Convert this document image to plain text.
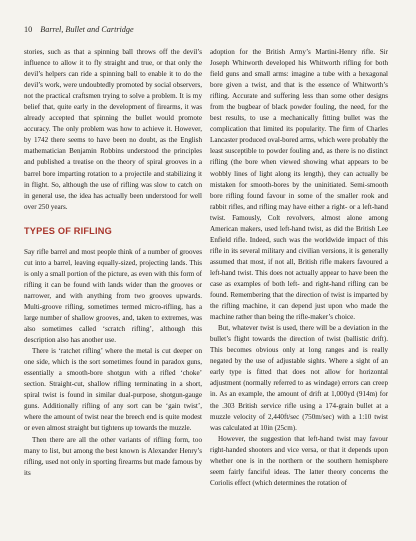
10 Barrel, Bullet and Cartridge

stories, such as that a spinning ball throws off the devil’s influence to allow it to fly straight and true, or that only the devil’s helpers can ride a spinning ball to enable it to do the devil’s work, were undoubtedly promoted by social observers, not the practical craftsmen trying to solve a problem. It is my belief that, quite early in the development of firearms, it was already accepted that spinning the bullet would promote accuracy. The only problem was how to achieve it. However, by 1742 there seems to have been no doubt, as the English mathematician Benjamin Robbins understood the principles and published a treatise on the theory of spiral grooves in a barrel bore imparting rotation to a projectile and stabilizing it in flight. So, although the use of rifling was slow to catch on in general use, the idea has actually been understood for well over 250 years.

TYPES OF RIFLING

Say rifle barrel and most people think of a number of grooves cut into a barrel, leaving equally-sized, projecting lands. This is only a small portion of the picture, as even with this form of rifling it can be found with lands wider than the grooves or narrower, and with anything from two grooves upwards. Multi-groove rifling, sometimes termed micro-rifling, has a large number of shallow grooves, and, taken to extremes, was also sometimes called ‘scratch rifling’, although this description also has another use.

There is ‘ratchet rifling’ where the metal is cut deeper on one side, which is the sort sometimes found in paradox guns, essentially a smooth-bore shotgun with a rifled ‘choke’ section. Straight-cut, shallow rifling terminating in a short, spiral twist is found in similar dual-purpose, shotgun-gauge guns. Additionally rifling of any sort can be ‘gain twist’, where the amount of twist near the breech end is quite modest or even almost straight but tightens up towards the muzzle.

Then there are all the other variants of rifling form, too many to list, but among the best known is Alexander Henry’s rifling, used not only in sporting firearms but made famous by its

adoption for the British Army’s Martini-Henry rifle. Sir Joseph Whitworth developed his Whitworth rifling for both field guns and small arms: imagine a tube with a hexagonal bore given a twist, and that is the essence of Whitworth’s rifling. Accurate and suffering less than some other designs from the bugbear of black powder fouling, the need, for the best results, to use a mechanically fitting bullet was the complication that limited its popularity. The firm of Charles Lancaster produced oval-bored arms, which were probably the least susceptible to powder fouling and, as there is no distinct rifling (the bore when viewed showing what appears to be wobbly lines of light along its length), they can actually be mistaken for smooth-bores by the uninitiated. Semi-smooth bore rifling found favour in some of the smaller rook and rabbit rifles, and rifling may have either a right- or a left-hand twist. Famously, Colt revolvers, almost alone among American makers, used left-hand twist, as did the British Lee Enfield rifle. Indeed, such was the worldwide impact of this rifle in its several military and civilian versions, it is generally assumed that most, if not all, British rifle makers favoured a left-hand twist. This does not actually appear to have been the case as examples of both left- and right-hand rifling can be found. Remembering that the direction of twist is imparted by the rifling machine, it can depend just upon who made the machine rather than being the rifle-maker’s choice.

But, whatever twist is used, there will be a deviation in the bullet’s flight towards the direction of twist (ballistic drift). This becomes obvious only at long ranges and is really negated by the use of adjustable sights. Where a sight of an early type is fitted that does not allow for horizontal adjustment (normally referred to as windage) errors can creep in. As an example, the amount of drift at 1,000yd (914m) for the .303 British service rifle using a 174-grain bullet at a muzzle velocity of 2,440ft/sec (750m/sec) with a 1:10 twist was calculated at 10in (25cm).

However, the suggestion that left-hand twist may favour right-handed shooters and vice versa, or that it depends upon whether one is in the northern or the southern hemisphere seem fairly fanciful ideas. The latter theory concerns the Coriolis effect (which determines the rotation of
